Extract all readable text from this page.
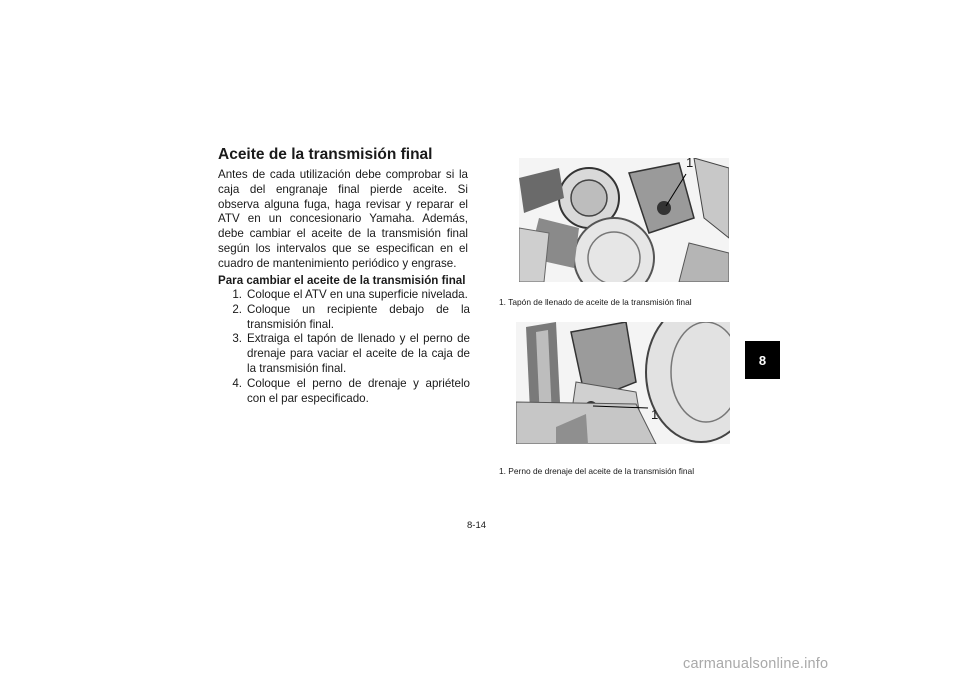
Aceite de la transmisión final

Antes de cada utilización debe comprobar si la caja del engranaje final pierde aceite. Si observa alguna fuga, haga revisar y reparar el ATV en un concesionario Yamaha. Además, debe cambiar el aceite de la transmisión final según los intervalos que se especifican en el cuadro de mantenimiento periódico y engrase.

Para cambiar el aceite de la transmisión final
1. Coloque el ATV en una superficie nivelada.
2. Coloque un recipiente debajo de la transmisión final.
3. Extraiga el tapón de llenado y el perno de drenaje para vaciar el aceite de la caja de la transmisión final.
4. Coloque el perno de drenaje y apriételo con el par especificado.
1

1. Tapón de llenado de aceite de la transmisión final

1

1. Perno de drenaje del aceite de la transmisión final

8
8-14
carmanualsonline.info
